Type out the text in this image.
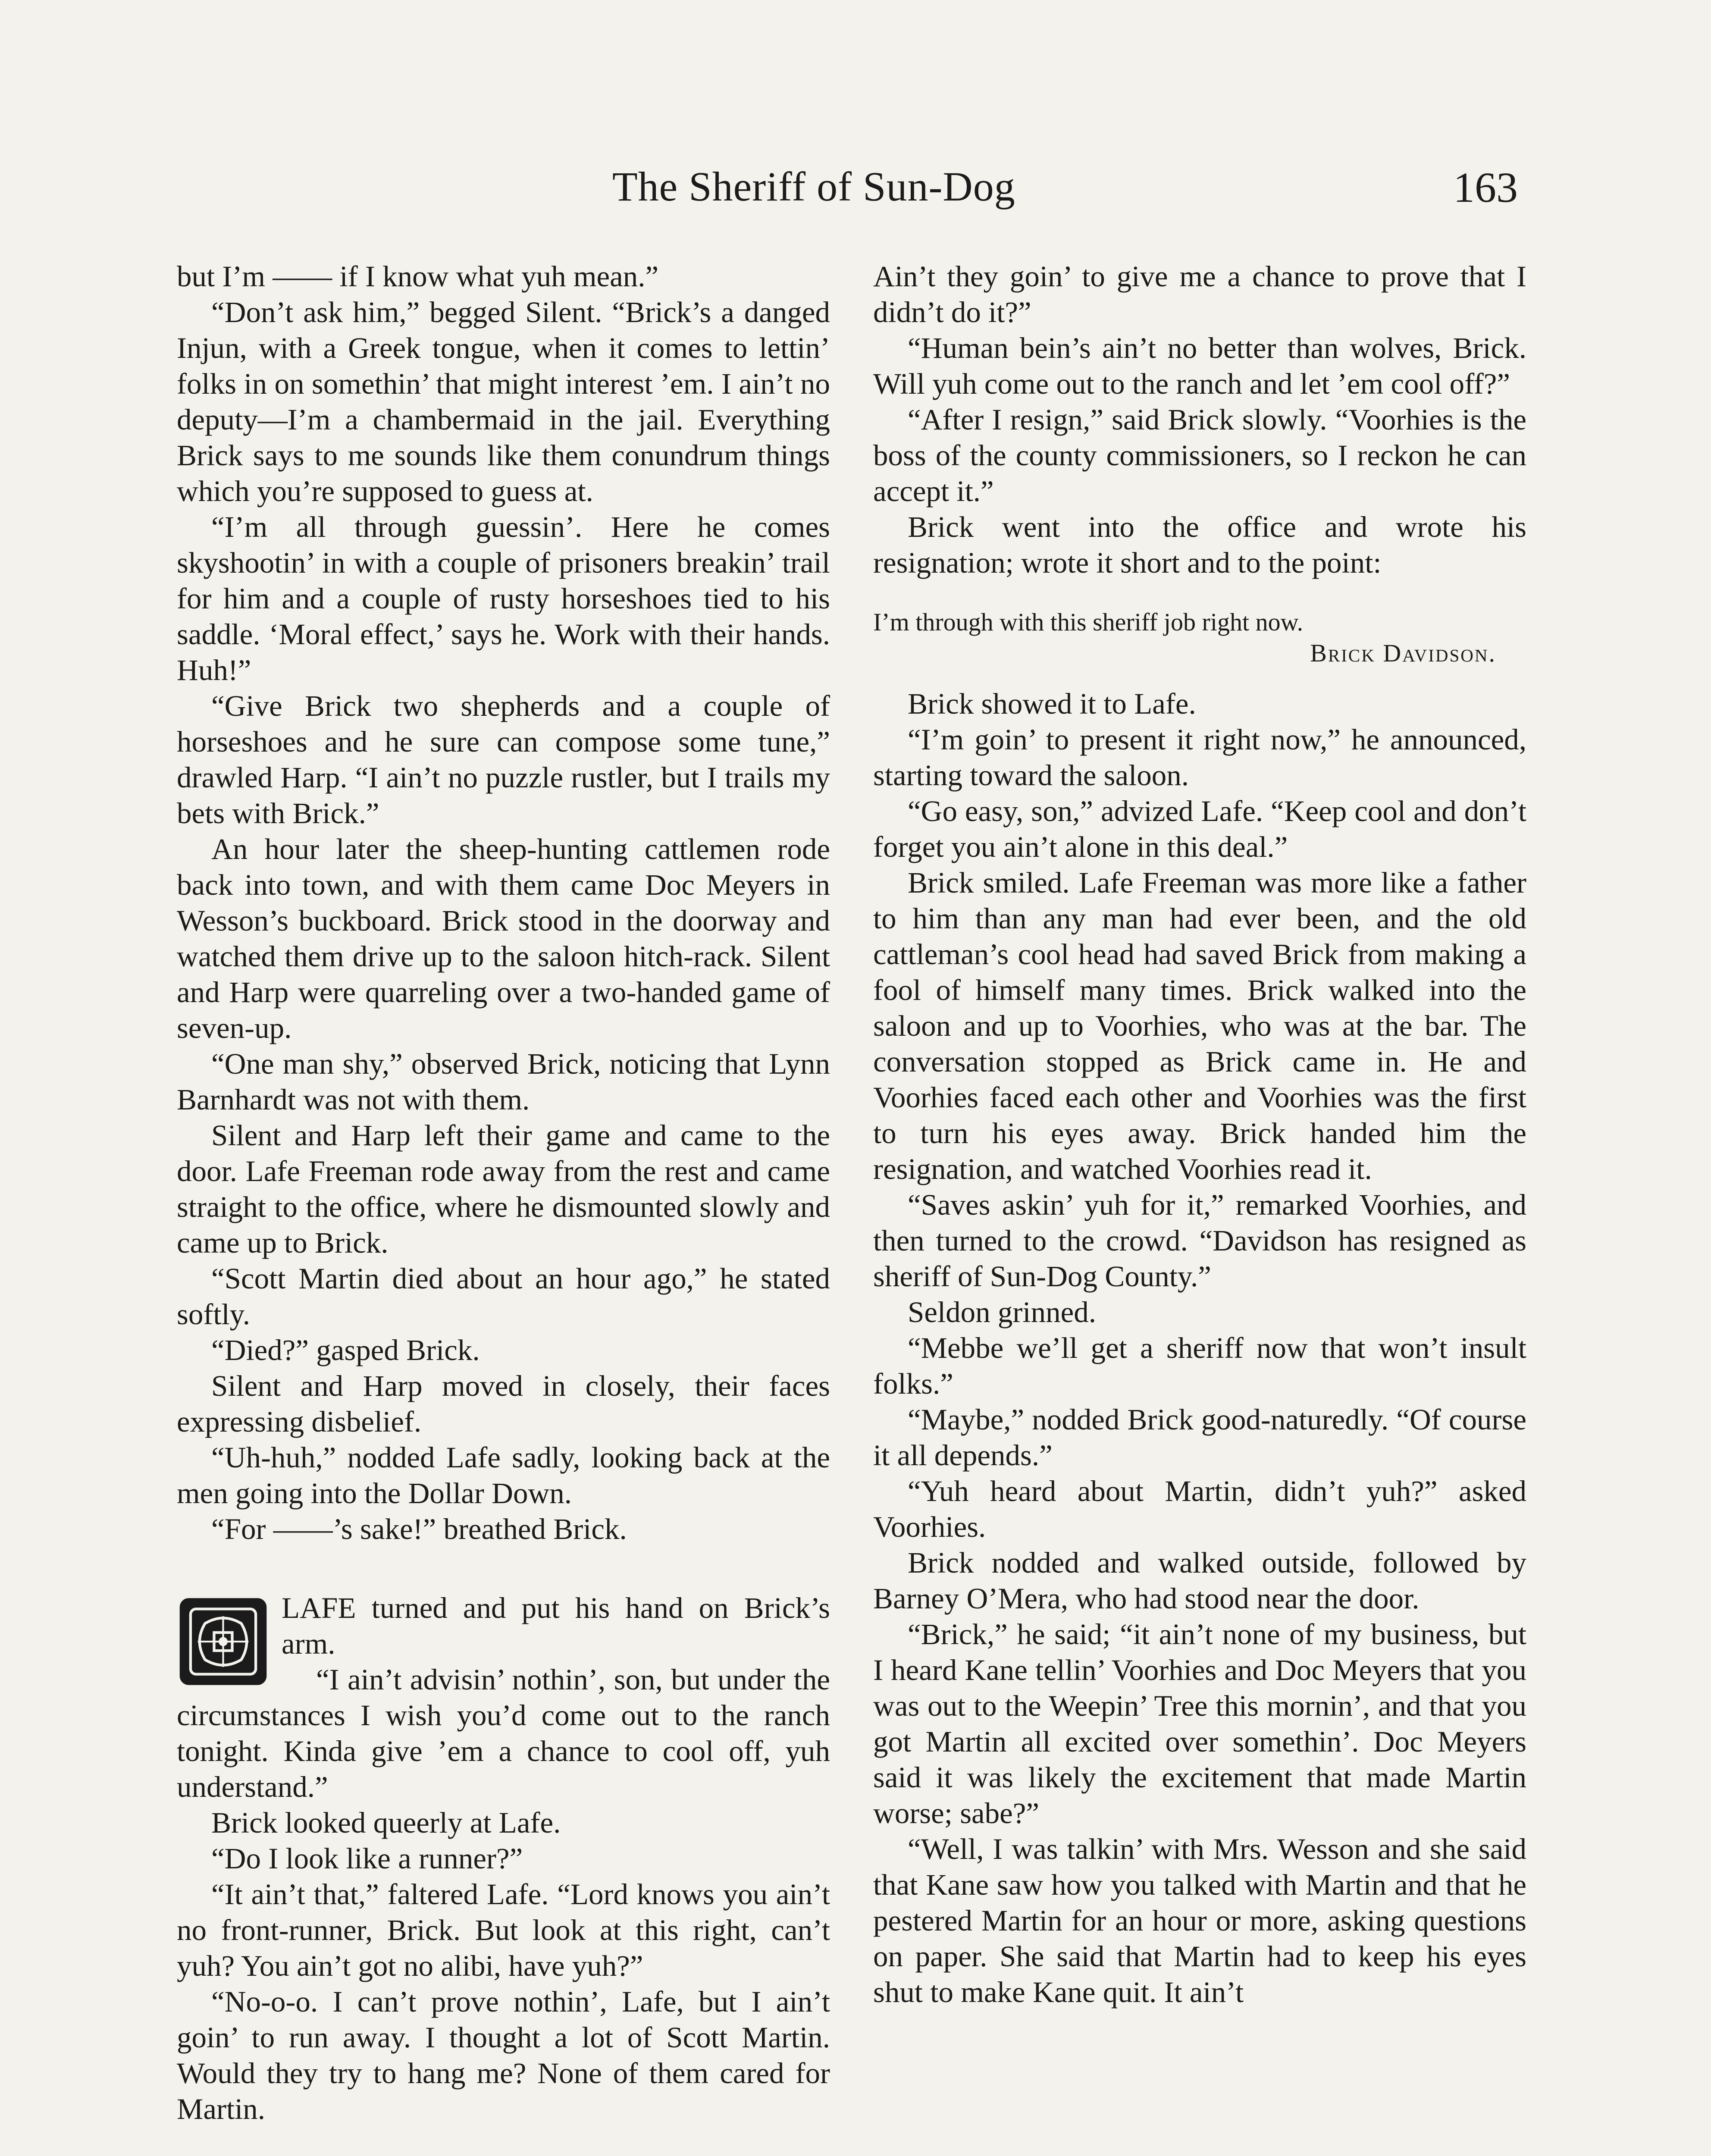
The Sheriff of Sun-Dog	163

but I’m —— if I know what yuh mean.”

“Don’t ask him,” begged Silent. “Brick’s a danged Injun, with a Greek tongue, when it comes to lettin’ folks in on somethin’ that might interest ’em. I ain’t no deputy—I’m a chambermaid in the jail. Everything Brick says to me sounds like them conundrum things which you’re supposed to guess at.

“I’m all through guessin’. Here he comes skyshootin’ in with a couple of prisoners breakin’ trail for him and a couple of rusty horseshoes tied to his saddle. ‘Moral effect,’ says he. Work with their hands. Huh!”

“Give Brick two shepherds and a couple of horseshoes and he sure can compose some tune,” drawled Harp. “I ain’t no puzzle rustler, but I trails my bets with Brick.”

An hour later the sheep-hunting cattlemen rode back into town, and with them came Doc Meyers in Wesson’s buckboard. Brick stood in the doorway and watched them drive up to the saloon hitch-rack. Silent and Harp were quarreling over a two-handed game of seven-up.

“One man shy,” observed Brick, noticing that Lynn Barnhardt was not with them.

Silent and Harp left their game and came to the door. Lafe Freeman rode away from the rest and came straight to the office, where he dismounted slowly and came up to Brick.

“Scott Martin died about an hour ago,” he stated softly.

“Died?” gasped Brick.

Silent and Harp moved in closely, their faces expressing disbelief.

“Uh-huh,” nodded Lafe sadly, looking back at the men going into the Dollar Down.

“For ——’s sake!” breathed Brick.

LAFE turned and put his hand on Brick’s arm.

“I ain’t advisin’ nothin’, son, but under the circumstances I wish you’d come out to the ranch tonight. Kinda give ’em a chance to cool off, yuh understand.”

Brick looked queerly at Lafe.

“Do I look like a runner?”

“It ain’t that,” faltered Lafe. “Lord knows you ain’t no front-runner, Brick. But look at this right, can’t yuh? You ain’t got no alibi, have yuh?”

“No-o-o. I can’t prove nothin’, Lafe, but I ain’t goin’ to run away. I thought a lot of Scott Martin. Would they try to hang me? None of them cared for Martin.

Ain’t they goin’ to give me a chance to prove that I didn’t do it?”

“Human bein’s ain’t no better than wolves, Brick. Will yuh come out to the ranch and let ’em cool off?”

“After I resign,” said Brick slowly. “Voorhies is the boss of the county commissioners, so I reckon he can accept it.”

Brick went into the office and wrote his resignation; wrote it short and to the point:

I’m through with this sheriff job right now.
Brick Davidson.

Brick showed it to Lafe.

“I’m goin’ to present it right now,” he announced, starting toward the saloon.

“Go easy, son,” advized Lafe. “Keep cool and don’t forget you ain’t alone in this deal.”

Brick smiled. Lafe Freeman was more like a father to him than any man had ever been, and the old cattleman’s cool head had saved Brick from making a fool of himself many times. Brick walked into the saloon and up to Voorhies, who was at the bar. The conversation stopped as Brick came in. He and Voorhies faced each other and Voorhies was the first to turn his eyes away. Brick handed him the resignation, and watched Voorhies read it.

“Saves askin’ yuh for it,” remarked Voorhies, and then turned to the crowd. “Davidson has resigned as sheriff of Sun-Dog County.”

Seldon grinned.

“Mebbe we’ll get a sheriff now that won’t insult folks.”

“Maybe,” nodded Brick good-naturedly. “Of course it all depends.”

“Yuh heard about Martin, didn’t yuh?” asked Voorhies.

Brick nodded and walked outside, followed by Barney O’Mera, who had stood near the door.

“Brick,” he said; “it ain’t none of my business, but I heard Kane tellin’ Voorhies and Doc Meyers that you was out to the Weepin’ Tree this mornin’, and that you got Martin all excited over somethin’. Doc Meyers said it was likely the excitement that made Martin worse; sabe?”

“Well, I was talkin’ with Mrs. Wesson and she said that Kane saw how you talked with Martin and that he pestered Martin for an hour or more, asking questions on paper. She said that Martin had to keep his eyes shut to make Kane quit. It ain’t
